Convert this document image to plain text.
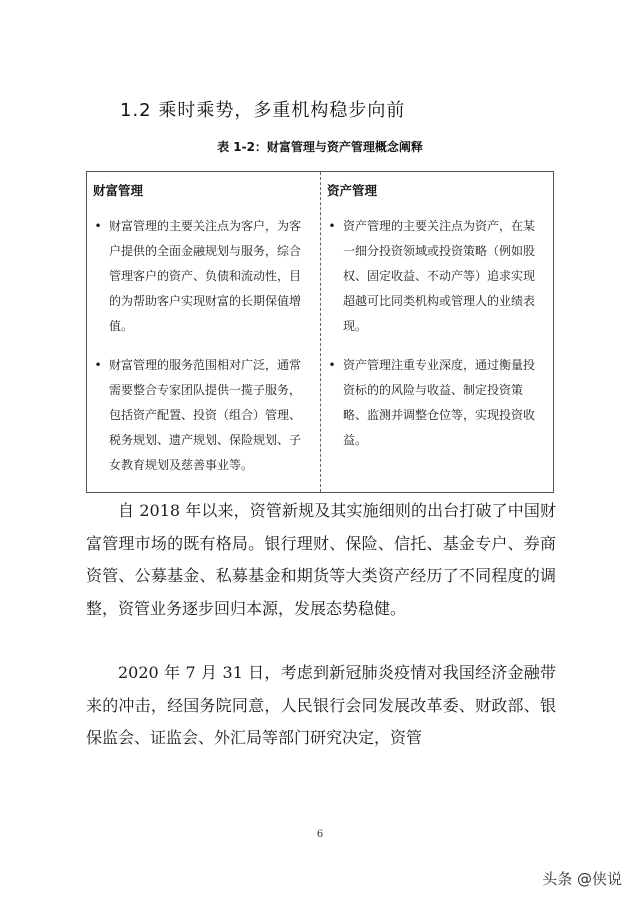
1.2 乘时乘势，多重机构稳步向前
表 1-2：财富管理与资产管理概念阐释
财富管理
• 财富管理的主要关注点为客户，为客户提供的全面金融规划与服务，综合管理客户的资产、负债和流动性，目的为帮助客户实现财富的长期保值增值。
• 财富管理的服务范围相对广泛，通常需要整合专家团队提供一揽子服务，包括资产配置、投资（组合）管理、税务规划、遗产规划、保险规划、子女教育规划及慈善事业等。
资产管理
• 资产管理的主要关注点为资产，在某一细分投资领域或投资策略（例如股权、固定收益、不动产等）追求实现超越可比同类机构或管理人的业绩表现。
• 资产管理注重专业深度，通过衡量投资标的的风险与收益、制定投资策略、监测并调整仓位等，实现投资收益。

自 2018 年以来，资管新规及其实施细则的出台打破了中国财富管理市场的既有格局。银行理财、保险、信托、基金专户、券商资管、公募基金、私募基金和期货等大类资产经历了不同程度的调整，资管业务逐步回归本源，发展态势稳健。

2020 年 7 月 31 日，考虑到新冠肺炎疫情对我国经济金融带来的冲击，经国务院同意，人民银行会同发展改革委、财政部、银保监会、证监会、外汇局等部门研究决定，资管

6
头条 @侠说
